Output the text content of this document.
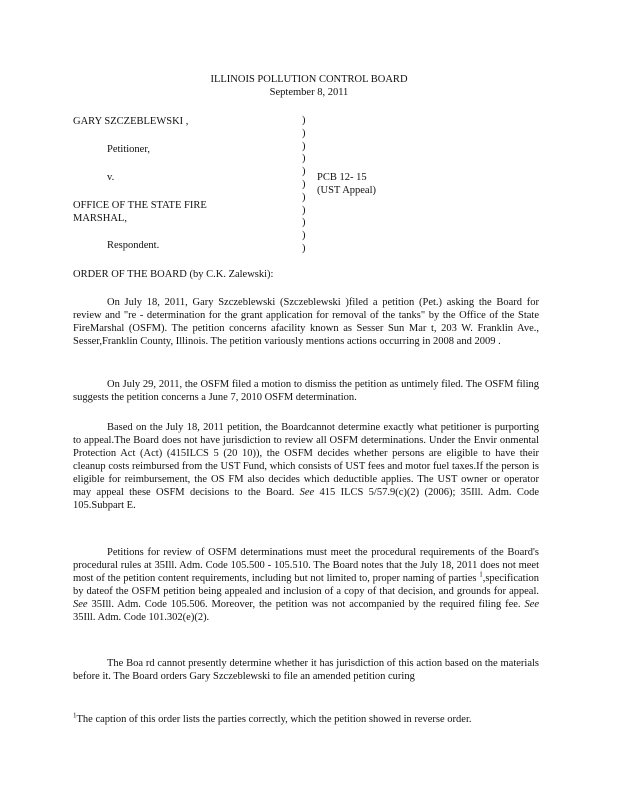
ILLINOIS POLLUTION CONTROL BOARD
September 8, 2011
GARY SZCZEBLEWSKI ,
Petitioner,
v.	PCB 12- 15
(UST Appeal)
OFFICE OF THE STATE FIRE
MARSHAL,
Respondent.
)
)
)
)
)
)
)
)
)
)
)
ORDER OF THE BOARD (by C.K. Zalewski):
On July 18, 2011, Gary Szczeblewski (Szczeblewski )filed a petition (Pet.) asking the Board for review and "re - determination for the grant application for removal of the tanks" by the Office of the State FireMarshal (OSFM). The petition concerns afacility known as Sesser Sun Mar t, 203 W. Franklin Ave., Sesser,Franklin County, Illinois. The petition variously mentions actions occurring in 2008 and 2009 .
On July 29, 2011, the OSFM filed a motion to dismiss the petition as untimely filed. The OSFM filing suggests the petition concerns a June 7, 2010 OSFM determination.
Based on the July 18, 2011 petition, the Boardcannot determine exactly what petitioner is purporting to appeal.The Board does not have jurisdiction to review all OSFM determinations. Under the Envir onmental Protection Act (Act) (415ILCS 5 (20 10)), the OSFM decides whether persons are eligible to have their cleanup costs reimbursed from the UST Fund, which consists of UST fees and motor fuel taxes.If the person is eligible for reimbursement, the OS FM also decides which deductible applies. The UST owner or operator may appeal these OSFM decisions to the Board. See 415 ILCS 5/57.9(c)(2) (2006); 35Ill. Adm. Code 105.Subpart E.
Petitions for review of OSFM determinations must meet the procedural requirements of the Board's procedural rules at 35Ill. Adm. Code 105.500 - 105.510. The Board notes that the July 18, 2011 does not meet most of the petition content requirements, including but not limited to, proper naming of parties $^1$,specification by dateof the OSFM petition being appealed and inclusion of a copy of that decision, and grounds for appeal. See 35Ill. Adm. Code 105.506. Moreover, the petition was not accompanied by the required filing fee. See 35Ill. Adm. Code 101.302(e)(2).
The Boa rd cannot presently determine whether it has jurisdiction of this action based on the materials before it. The Board orders Gary Szczeblewski to file an amended petition curing
$^1$The caption of this order lists the parties correctly, which the petition showed in reverse order.
